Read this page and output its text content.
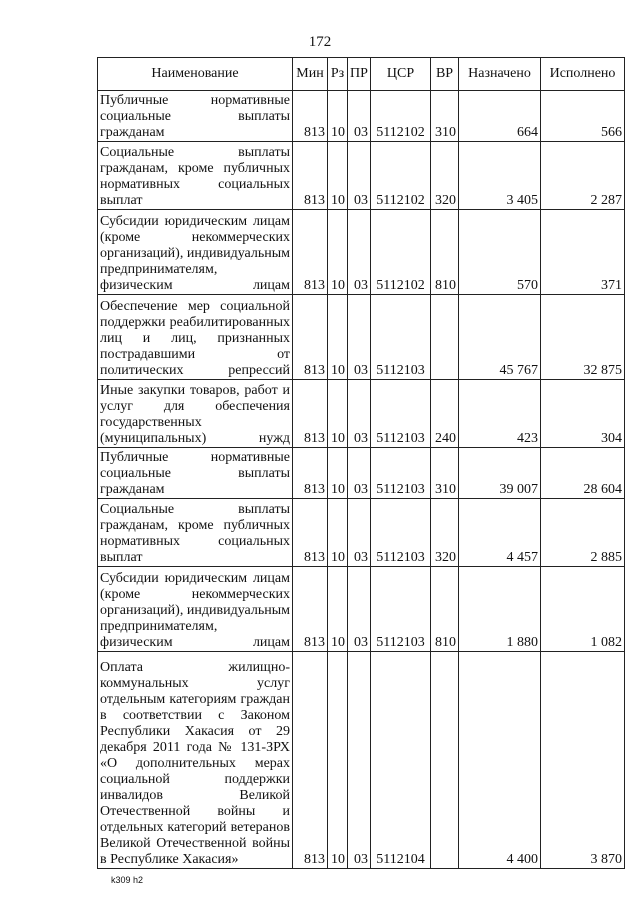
172
Наименование	Мин	Рз	ПР	ЦСР	ВР	Назначено	Исполнено
Публичные нормативные социальные выплаты гражданам	813	10	03	5112102	310	664	566
Социальные выплаты гражданам, кроме публичных нормативных социальных выплат	813	10	03	5112102	320	3 405	2 287
Субсидии юридическим лицам (кроме некоммерческих организаций), индивидуальным предпринимателям, физическим лицам	813	10	03	5112102	810	570	371
Обеспечение мер социальной поддержки реабилитированных лиц и лиц, признанных пострадавшими от политических репрессий	813	10	03	5112103		45 767	32 875
Иные закупки товаров, работ и услуг для обеспечения государственных (муниципальных) нужд	813	10	03	5112103	240	423	304
Публичные нормативные социальные выплаты гражданам	813	10	03	5112103	310	39 007	28 604
Социальные выплаты гражданам, кроме публичных нормативных социальных выплат	813	10	03	5112103	320	4 457	2 885
Субсидии юридическим лицам (кроме некоммерческих организаций), индивидуальным предпринимателям, физическим лицам	813	10	03	5112103	810	1 880	1 082
Оплата жилищно-коммунальных услуг отдельным категориям граждан в соответствии с Законом Республики Хакасия от 29 декабря 2011 года № 131-ЗРХ «О дополнительных мерах социальной поддержки инвалидов Великой Отечественной войны и отдельных категорий ветеранов Великой Отечественной войны в Республике Хакасия»	813	10	03	5112104		4 400	3 870
k309 h2
